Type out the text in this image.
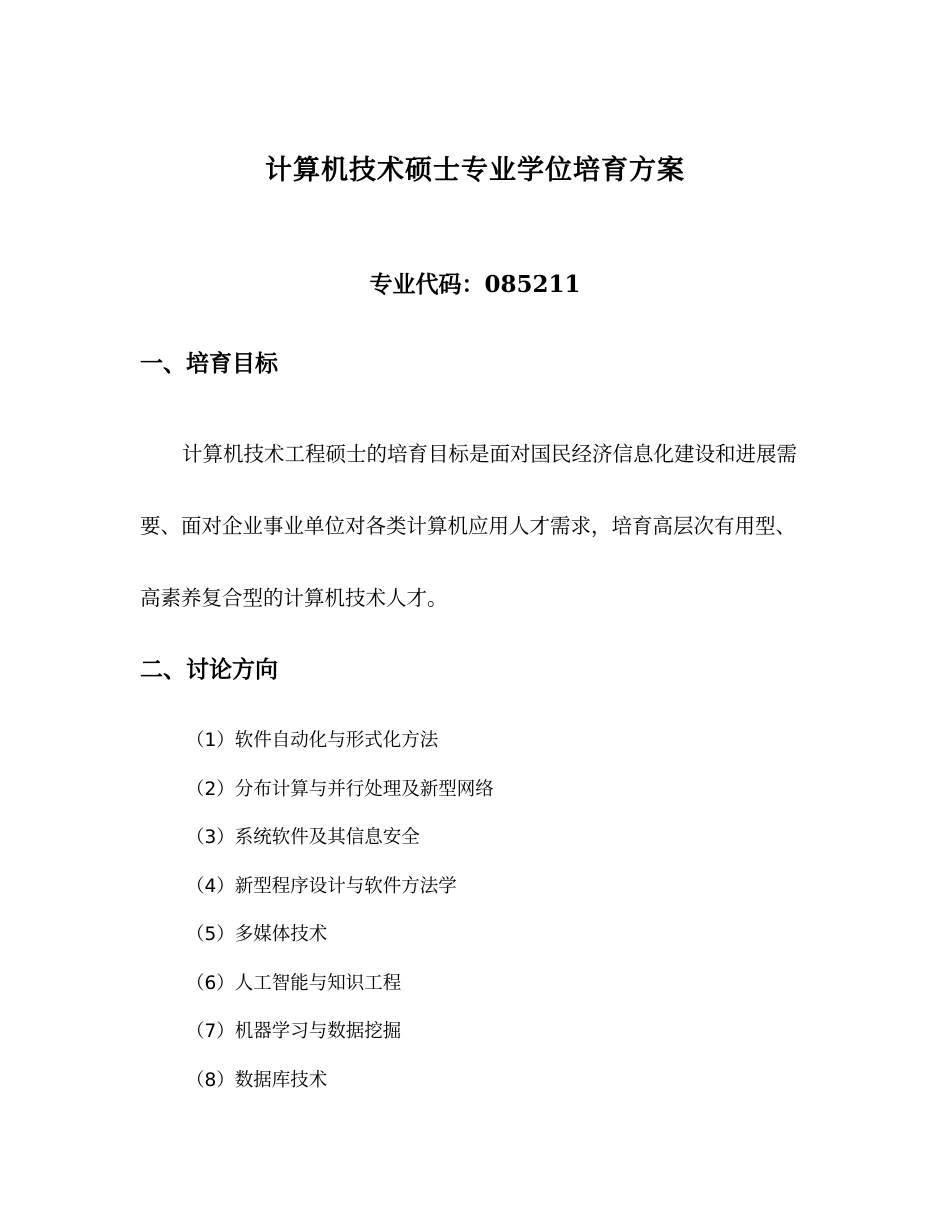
计算机技术硕士专业学位培育方案
专业代码：085211
一、培育目标

计算机技术工程硕士的培育目标是面对国民经济信息化建设和进展需要、面对企业事业单位对各类计算机应用人才需求，培育高层次有用型、高素养复合型的计算机技术人才。

二、讨论方向
（1）软件自动化与形式化方法
（2）分布计算与并行处理及新型网络
（3）系统软件及其信息安全
（4）新型程序设计与软件方法学
（5）多媒体技术
（6）人工智能与知识工程
（7）机器学习与数据挖掘
（8）数据库技术
